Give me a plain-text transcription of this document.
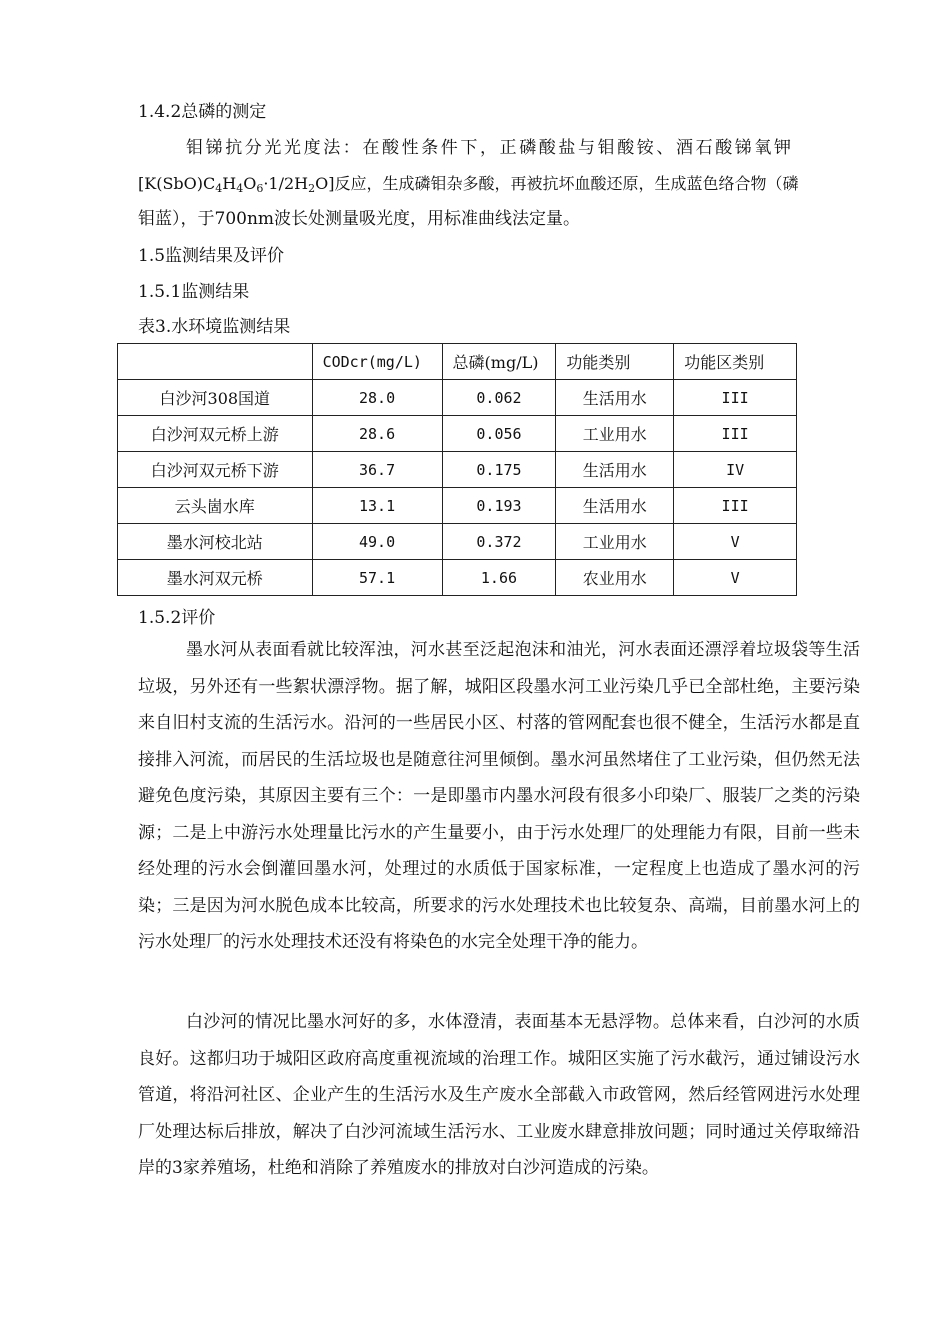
1.4.2总磷的测定
钼锑抗分光光度法：在酸性条件下，正磷酸盐与钼酸铵、酒石酸锑氧钾
$[K(SbO)C_4H_4O_6\cdot 1/2H_2O]$反应，生成磷钼杂多酸，再被抗坏血酸还原，生成蓝色络合物（磷
钼蓝），于700nm波长处测量吸光度，用标准曲线法定量。
1.5监测结果及评价
1.5.1监测结果
表3.水环境监测结果
	CODcr(mg/L)	总磷(mg/L)	功能类别	功能区类别
白沙河308国道	28.0	0.062	生活用水	III
白沙河双元桥上游	28.6	0.056	工业用水	III
白沙河双元桥下游	36.7	0.175	生活用水	IV
云头崮水库	13.1	0.193	生活用水	III
墨水河校北站	49.0	0.372	工业用水	V
墨水河双元桥	57.1	1.66	农业用水	V
1.5.2评价

墨水河从表面看就比较浑浊，河水甚至泛起泡沫和油光，河水表面还漂浮着垃圾袋等生活垃圾，另外还有一些絮状漂浮物。据了解，城阳区段墨水河工业污染几乎已全部杜绝，主要污染来自旧村支流的生活污水。沿河的一些居民小区、村落的管网配套也很不健全，生活污水都是直接排入河流，而居民的生活垃圾也是随意往河里倾倒。墨水河虽然堵住了工业污染，但仍然无法避免色度污染，其原因主要有三个：一是即墨市内墨水河段有很多小印染厂、服装厂之类的污染源；二是上中游污水处理量比污水的产生量要小，由于污水处理厂的处理能力有限，目前一些未经处理的污水会倒灌回墨水河，处理过的水质低于国家标准，一定程度上也造成了墨水河的污染；三是因为河水脱色成本比较高，所要求的污水处理技术也比较复杂、高端，目前墨水河上的污水处理厂的污水处理技术还没有将染色的水完全处理干净的能力。

白沙河的情况比墨水河好的多，水体澄清，表面基本无悬浮物。总体来看，白沙河的水质良好。这都归功于城阳区政府高度重视流域的治理工作。城阳区实施了污水截污，通过铺设污水管道，将沿河社区、企业产生的生活污水及生产废水全部截入市政管网，然后经管网进污水处理厂处理达标后排放，解决了白沙河流域生活污水、工业废水肆意排放问题；同时通过关停取缔沿岸的3家养殖场，杜绝和消除了养殖废水的排放对白沙河造成的污染。
